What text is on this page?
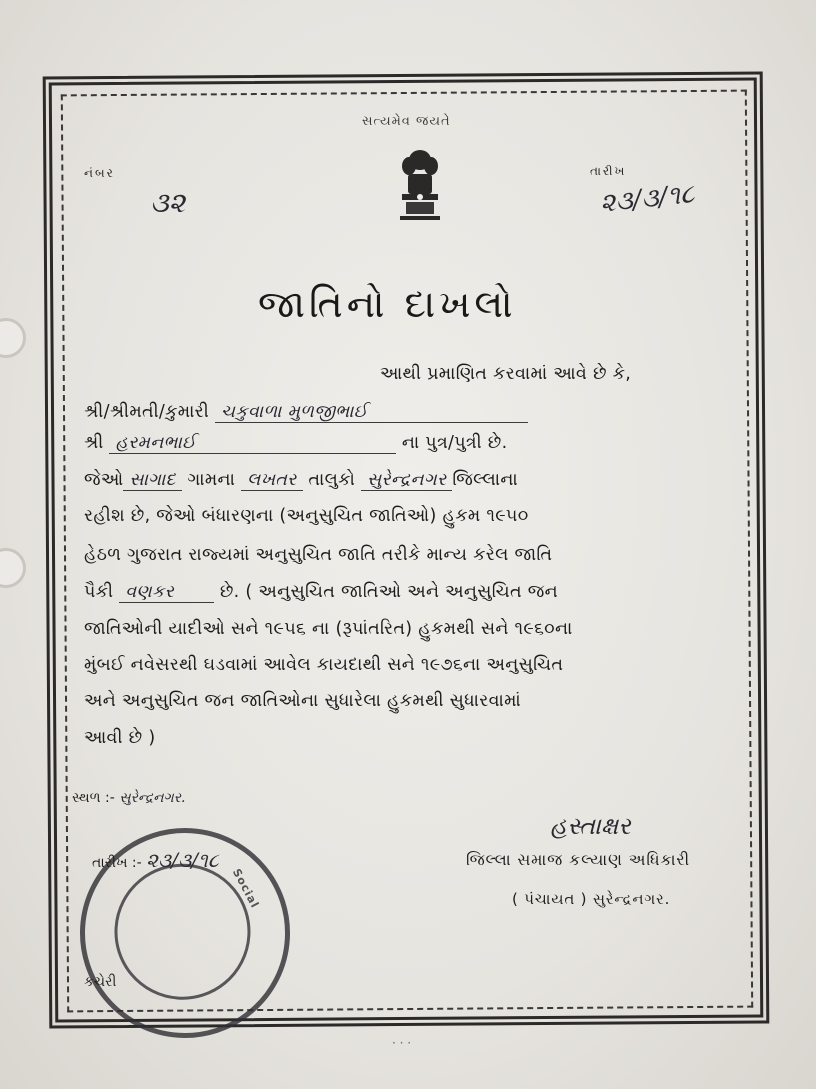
સત્યમેવ જયતે
નંબર
૩૨
તારીખ
૨૩/૩/૧૮
જાતિનો દાખલો
આથી પ્રમાણિત કરવામાં આવે છે કે,
શ્રી/શ્રીમતી/કુમારી ચકુવાળા મુળજીભાઈ
શ્રી હરમનભાઈ	ના પુત્ર/પુત્રી છે.
જેઓ સાગાદ ગામના લખતર તાલુકો સુરેન્દ્રનગર જિલ્લાના
રહીશ છે, જેઓ બંધારણના (અનુસુચિત જાતિઓ) હુકમ ૧૯૫૦
હેઠળ ગુજરાત રાજ્યમાં અનુસુચિત જાતિ તરીકે માન્ય કરેલ જાતિ
પૈકી વણકર	છે. ( અનુસુચિત જાતિઓ અને અનુસુચિત જન
જાતિઓની યાદીઓ સને ૧૯૫૬ ના (રૂપાંતરિત) હુકમથી સને ૧૯૬૦ના
મુંબઈ નવેસરથી ઘડવામાં આવેલ કાયદાથી સને ૧૯૭૬ના અનુસુચિત
અને અનુસુચિત જન જાતિઓના સુધારેલા હુકમથી સુધારવામાં
આવી છે )
સ્થળ :- સુરેન્દ્રનગર.
Social
તારીખ :- ૨૩/૩/૧૮
કચેરી
હસ્તાક્ષર
જિલ્લા સમાજ કલ્યાણ અધિકારી
( પંચાયત ) સુરેન્દ્રનગર.
· · ·
